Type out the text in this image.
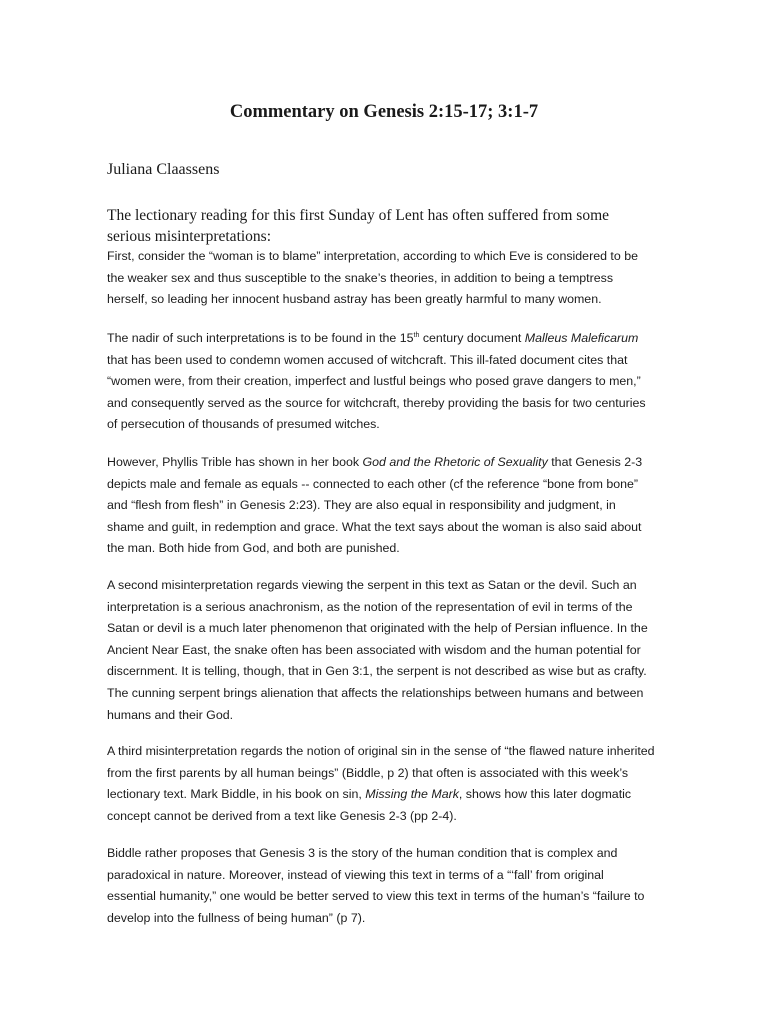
Commentary on Genesis 2:15-17; 3:1-7

Juliana Claassens

The lectionary reading for this first Sunday of Lent has often suffered from some serious misinterpretations:

First, consider the “woman is to blame” interpretation, according to which Eve is considered to be the weaker sex and thus susceptible to the snake’s theories, in addition to being a temptress herself, so leading her innocent husband astray has been greatly harmful to many women.

The nadir of such interpretations is to be found in the 15th century document Malleus Maleficarum that has been used to condemn women accused of witchcraft. This ill-fated document cites that “women were, from their creation, imperfect and lustful beings who posed grave dangers to men,” and consequently served as the source for witchcraft, thereby providing the basis for two centuries of persecution of thousands of presumed witches.

However, Phyllis Trible has shown in her book God and the Rhetoric of Sexuality that Genesis 2-3 depicts male and female as equals -- connected to each other (cf the reference “bone from bone” and “flesh from flesh” in Genesis 2:23). They are also equal in responsibility and judgment, in shame and guilt, in redemption and grace. What the text says about the woman is also said about the man. Both hide from God, and both are punished.

A second misinterpretation regards viewing the serpent in this text as Satan or the devil. Such an interpretation is a serious anachronism, as the notion of the representation of evil in terms of the Satan or devil is a much later phenomenon that originated with the help of Persian influence. In the Ancient Near East, the snake often has been associated with wisdom and the human potential for discernment. It is telling, though, that in Gen 3:1, the serpent is not described as wise but as crafty. The cunning serpent brings alienation that affects the relationships between humans and between humans and their God.

A third misinterpretation regards the notion of original sin in the sense of “the flawed nature inherited from the first parents by all human beings” (Biddle, p 2) that often is associated with this week’s lectionary text. Mark Biddle, in his book on sin, Missing the Mark, shows how this later dogmatic concept cannot be derived from a text like Genesis 2-3 (pp 2-4).

Biddle rather proposes that Genesis 3 is the story of the human condition that is complex and paradoxical in nature. Moreover, instead of viewing this text in terms of a “‘fall’ from original essential humanity,” one would be better served to view this text in terms of the human’s “failure to develop into the fullness of being human” (p 7).
